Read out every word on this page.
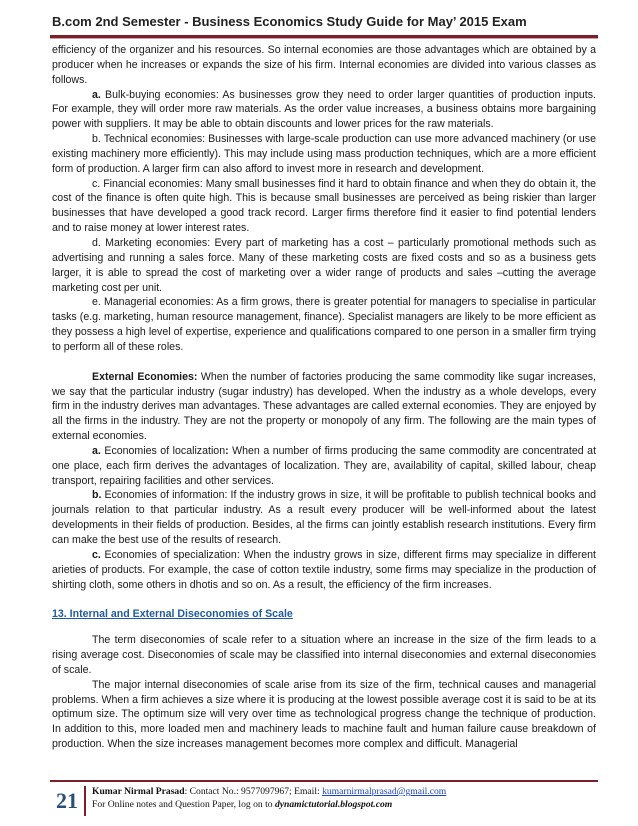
B.com 2nd Semester - Business Economics Study Guide for May’ 2015 Exam

efficiency of the organizer and his resources. So internal economies are those advantages which are obtained by a producer when he increases or expands the size of his firm. Internal economies are divided into various classes as follows.

a. Bulk-buying economies: As businesses grow they need to order larger quantities of production inputs. For example, they will order more raw materials. As the order value increases, a business obtains more bargaining power with suppliers. It may be able to obtain discounts and lower prices for the raw materials.

b. Technical economies: Businesses with large-scale production can use more advanced machinery (or use existing machinery more efficiently). This may include using mass production techniques, which are a more efficient form of production. A larger firm can also afford to invest more in research and development.

c. Financial economies: Many small businesses find it hard to obtain finance and when they do obtain it, the cost of the finance is often quite high. This is because small businesses are perceived as being riskier than larger businesses that have developed a good track record. Larger firms therefore find it easier to find potential lenders and to raise money at lower interest rates.

d. Marketing economies: Every part of marketing has a cost – particularly promotional methods such as advertising and running a sales force. Many of these marketing costs are fixed costs and so as a business gets larger, it is able to spread the cost of marketing over a wider range of products and sales –cutting the average marketing cost per unit.

e. Managerial economies: As a firm grows, there is greater potential for managers to specialise in particular tasks (e.g. marketing, human resource management, finance). Specialist managers are likely to be more efficient as they possess a high level of expertise, experience and qualifications compared to one person in a smaller firm trying to perform all of these roles.

External Economies: When the number of factories producing the same commodity like sugar increases, we say that the particular industry (sugar industry) has developed. When the industry as a whole develops, every firm in the industry derives man advantages. These advantages are called external economies. They are enjoyed by all the firms in the industry. They are not the property or monopoly of any firm. The following are the main types of external economies.

a. Economies of localization: When a number of firms producing the same commodity are concentrated at one place, each firm derives the advantages of localization. They are, availability of capital, skilled labour, cheap transport, repairing facilities and other services.

b. Economies of information: If the industry grows in size, it will be profitable to publish technical books and journals relation to that particular industry. As a result every producer will be well-informed about the latest developments in their fields of production. Besides, al the firms can jointly establish research institutions. Every firm can make the best use of the results of research.

c. Economies of specialization: When the industry grows in size, different firms may specialize in different arieties of products. For example, the case of cotton textile industry, some firms may specialize in the production of shirting cloth, some others in dhotis and so on. As a result, the efficiency of the firm increases.

13. Internal and External Diseconomies of Scale

The term diseconomies of scale refer to a situation where an increase in the size of the firm leads to a rising average cost. Diseconomies of scale may be classified into internal diseconomies and external diseconomies of scale.

The major internal diseconomies of scale arise from its size of the firm, technical causes and managerial problems. When a firm achieves a size where it is producing at the lowest possible average cost it is said to be at its optimum size. The optimum size will very over time as technological progress change the technique of production. In addition to this, more loaded men and machinery leads to machine fault and human failure cause breakdown of production. When the size increases management becomes more complex and difficult. Managerial

21	Kumar Nirmal Prasad: Contact No.: 9577097967; Email: kumarnirmalprasad@gmail.com
For Online notes and Question Paper, log on to dynamictutorial.blogspot.com
